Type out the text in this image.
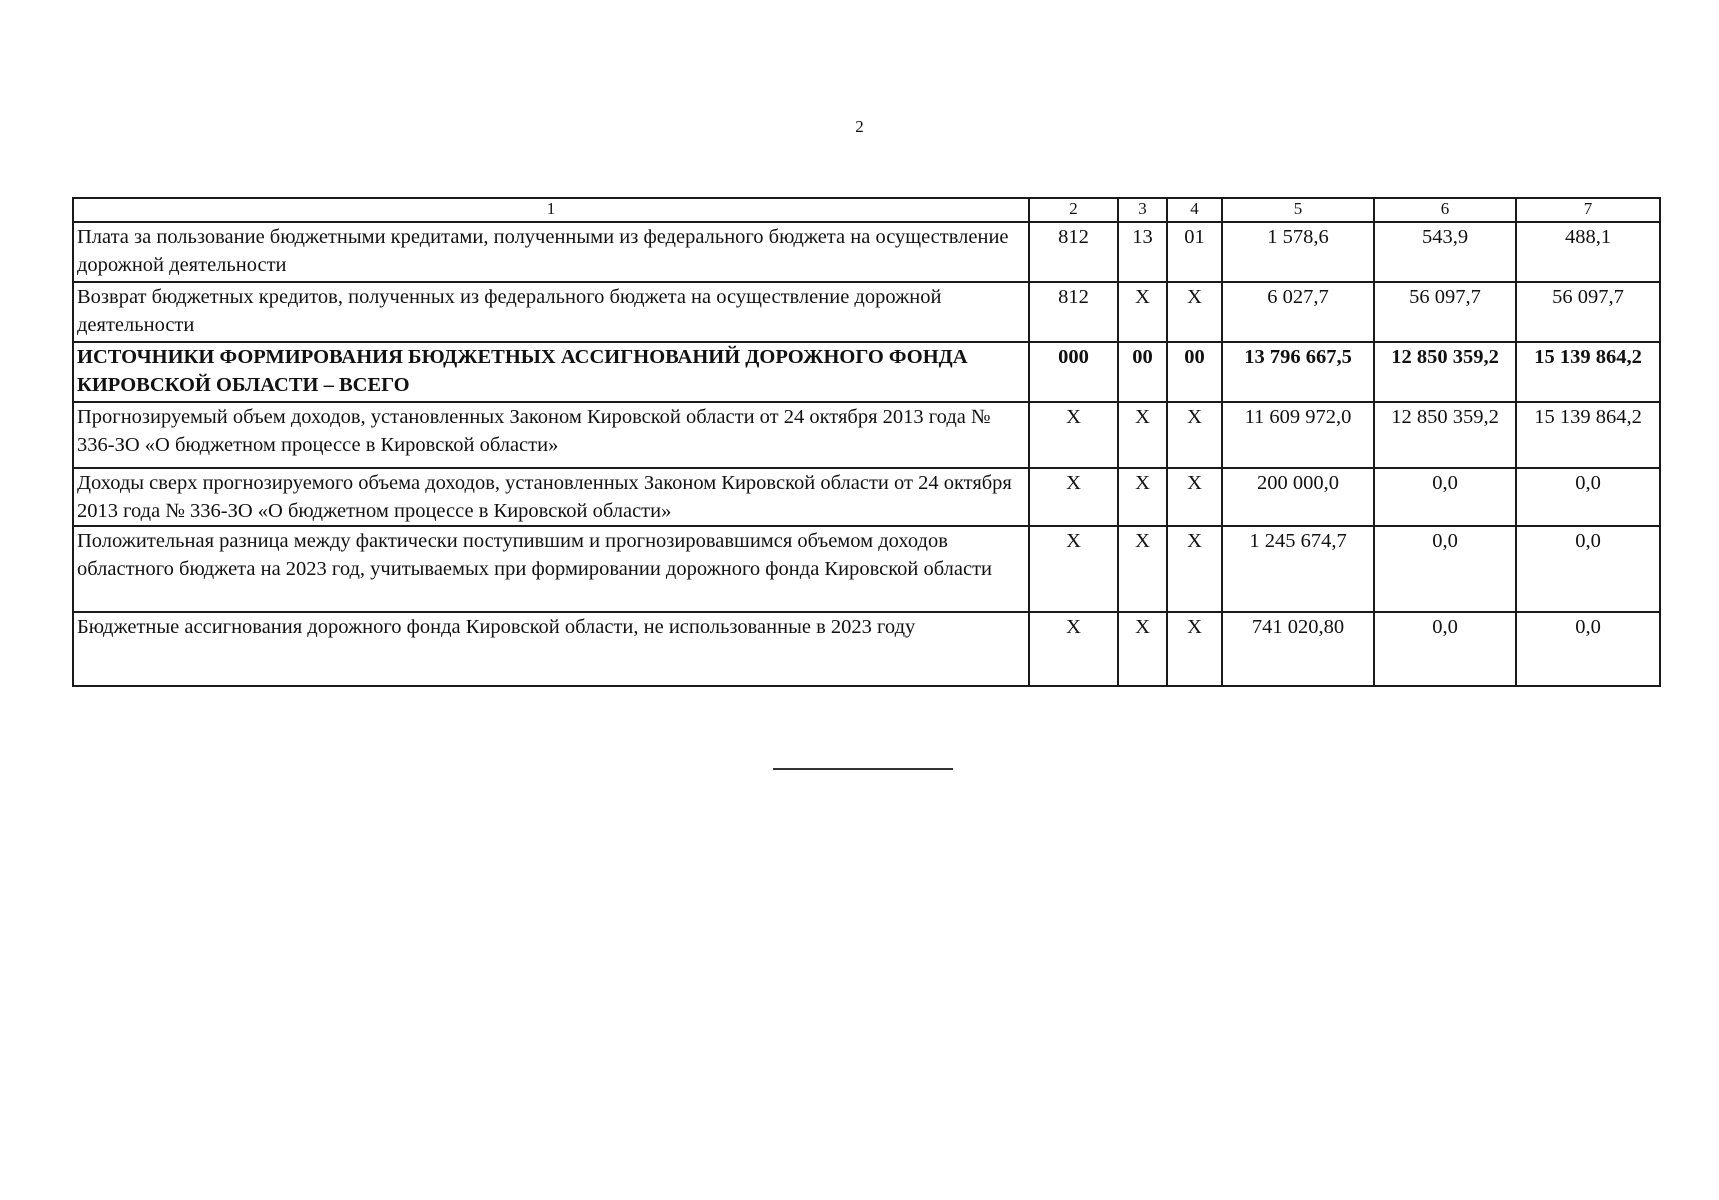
2
1	2	3	4	5	6	7
Плата за пользование бюджетными кредитами, полученными из федерального бюджета на осуществление дорожной деятельности	812	13	01	1 578,6	543,9	488,1
Возврат бюджетных кредитов, полученных из федерального бюджета на осуществление дорожной деятельности	812	Х	Х	6 027,7	56 097,7	56 097,7
ИСТОЧНИКИ ФОРМИРОВАНИЯ БЮДЖЕТНЫХ АССИГНОВАНИЙ ДОРОЖНОГО ФОНДА КИРОВСКОЙ ОБЛАСТИ – ВСЕГО	000	00	00	13 796 667,5	12 850 359,2	15 139 864,2
Прогнозируемый объем доходов, установленных Законом Кировской области от 24 октября 2013 года № 336-ЗО «О бюджетном процессе в Кировской области»	Х	Х	Х	11 609 972,0	12 850 359,2	15 139 864,2
Доходы сверх прогнозируемого объема доходов, установленных Законом Кировской области от 24 октября 2013 года № 336-ЗО «О бюджетном процессе в Кировской области»	Х	Х	Х	200 000,0	0,0	0,0
Положительная разница между фактически поступившим и прогнозировавшимся объемом доходов областного бюджета на 2023 год, учитываемых при формировании дорожного фонда Кировской области	Х	Х	Х	1 245 674,7	0,0	0,0
Бюджетные ассигнования дорожного фонда Кировской области, не использованные в 2023 году	Х	Х	Х	741 020,80	0,0	0,0
